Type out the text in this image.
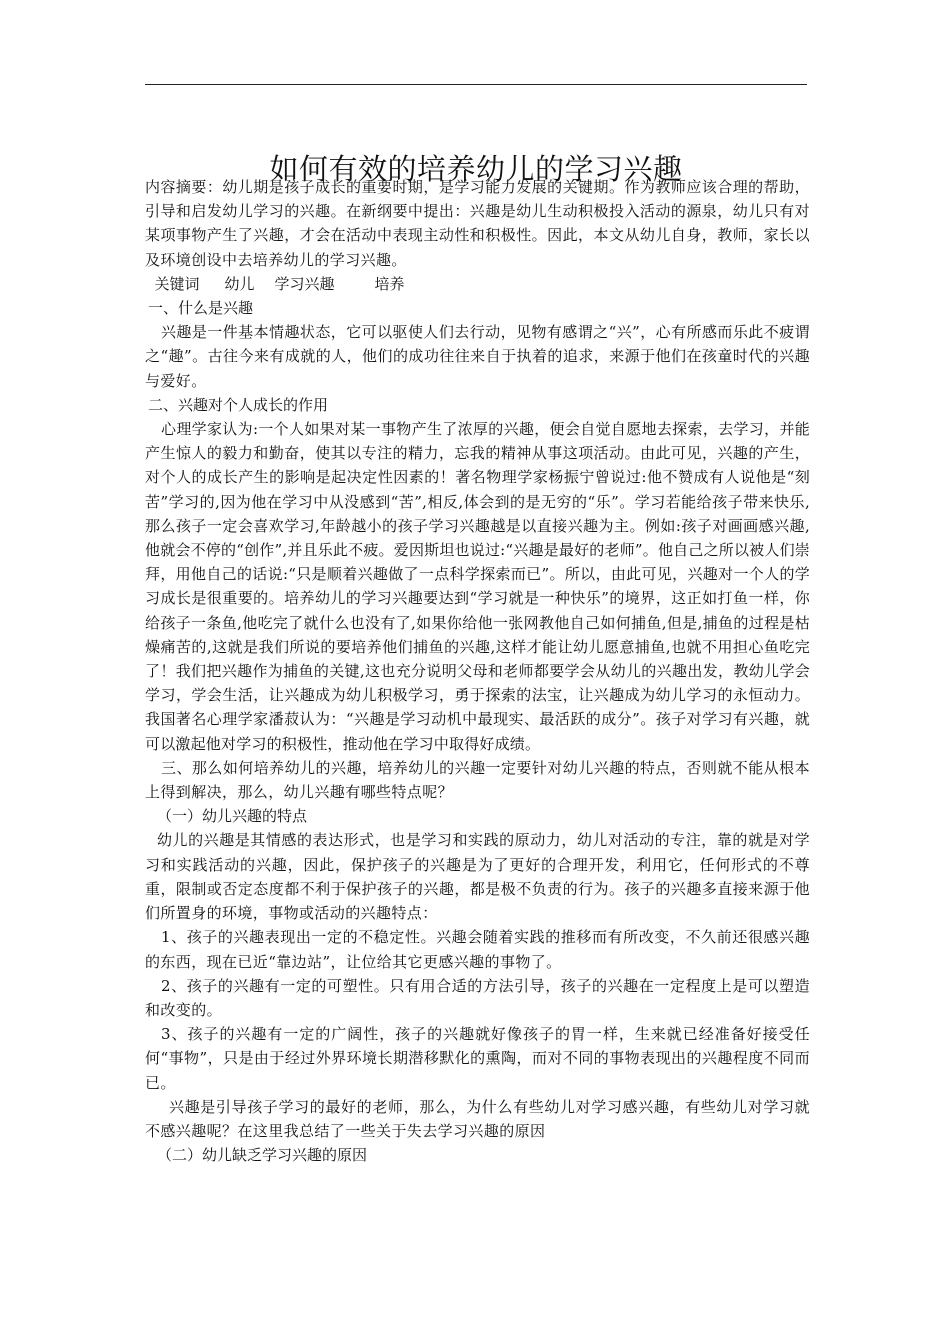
如何有效的培养幼儿的学习兴趣

内容摘要：幼儿期是孩子成长的重要时期，是学习能力发展的关键期。作为教师应该合理的帮助，引导和启发幼儿学习的兴趣。在新纲要中提出：兴趣是幼儿生动积极投入活动的源泉，幼儿只有对某项事物产生了兴趣，才会在活动中表现主动性和积极性。因此，本文从幼儿自身，教师，家长以及环境创设中去培养幼儿的学习兴趣。

关键词 幼儿 学习兴趣	培养

一、什么是兴趣

兴趣是一件基本情趣状态，它可以驱使人们去行动，见物有感谓之“兴”，心有所感而乐此不疲谓之“趣”。古往今来有成就的人，他们的成功往往来自于执着的追求，来源于他们在孩童时代的兴趣与爱好。

二、兴趣对个人成长的作用

心理学家认为:一个人如果对某一事物产生了浓厚的兴趣，便会自觉自愿地去探索，去学习，并能产生惊人的毅力和勤奋，使其以专注的精力，忘我的精神从事这项活动。由此可见，兴趣的产生，对个人的成长产生的影响是起决定性因素的！著名物理学家杨振宁曾说过:他不赞成有人说他是“刻苦”学习的,因为他在学习中从没感到“苦”,相反,体会到的是无穷的“乐”。学习若能给孩子带来快乐,那么孩子一定会喜欢学习,年龄越小的孩子学习兴趣越是以直接兴趣为主。例如:孩子对画画感兴趣,他就会不停的“创作”,并且乐此不疲。爱因斯坦也说过:“兴趣是最好的老师”。他自己之所以被人们崇拜，用他自己的话说:“只是顺着兴趣做了一点科学探索而已”。所以，由此可见，兴趣对一个人的学习成长是很重要的。培养幼儿的学习兴趣要达到“学习就是一种快乐”的境界，这正如打鱼一样，你给孩子一条鱼,他吃完了就什么也没有了,如果你给他一张网教他自己如何捕鱼,但是,捕鱼的过程是枯燥痛苦的,这就是我们所说的要培养他们捕鱼的兴趣,这样才能让幼儿愿意捕鱼,也就不用担心鱼吃完了！我们把兴趣作为捕鱼的关键,这也充分说明父母和老师都要学会从幼儿的兴趣出发，教幼儿学会学习，学会生活，让兴趣成为幼儿积极学习，勇于探索的法宝，让兴趣成为幼儿学习的永恒动力。我国著名心理学家潘菽认为：“兴趣是学习动机中最现实、最活跃的成分”。孩子对学习有兴趣，就可以激起他对学习的积极性，推动他在学习中取得好成绩。

三、那么如何培养幼儿的兴趣，培养幼儿的兴趣一定要针对幼儿兴趣的特点，否则就不能从根本上得到解决，那么，幼儿兴趣有哪些特点呢？

（一）幼儿兴趣的特点

幼儿的兴趣是其情感的表达形式，也是学习和实践的原动力，幼儿对活动的专注，靠的就是对学习和实践活动的兴趣，因此，保护孩子的兴趣是为了更好的合理开发，利用它，任何形式的不尊重，限制或否定态度都不利于保护孩子的兴趣，都是极不负责的行为。孩子的兴趣多直接来源于他们所置身的环境，事物或活动的兴趣特点：

1、孩子的兴趣表现出一定的不稳定性。兴趣会随着实践的推移而有所改变，不久前还很感兴趣的东西，现在已近“靠边站”，让位给其它更感兴趣的事物了。

2、孩子的兴趣有一定的可塑性。只有用合适的方法引导，孩子的兴趣在一定程度上是可以塑造和改变的。

3、孩子的兴趣有一定的广阔性，孩子的兴趣就好像孩子的胃一样，生来就已经准备好接受任何“事物”，只是由于经过外界环境长期潜移默化的熏陶，而对不同的事物表现出的兴趣程度不同而已。

兴趣是引导孩子学习的最好的老师，那么，为什么有些幼儿对学习感兴趣，有些幼儿对学习就不感兴趣呢？在这里我总结了一些关于失去学习兴趣的原因

（二）幼儿缺乏学习兴趣的原因
